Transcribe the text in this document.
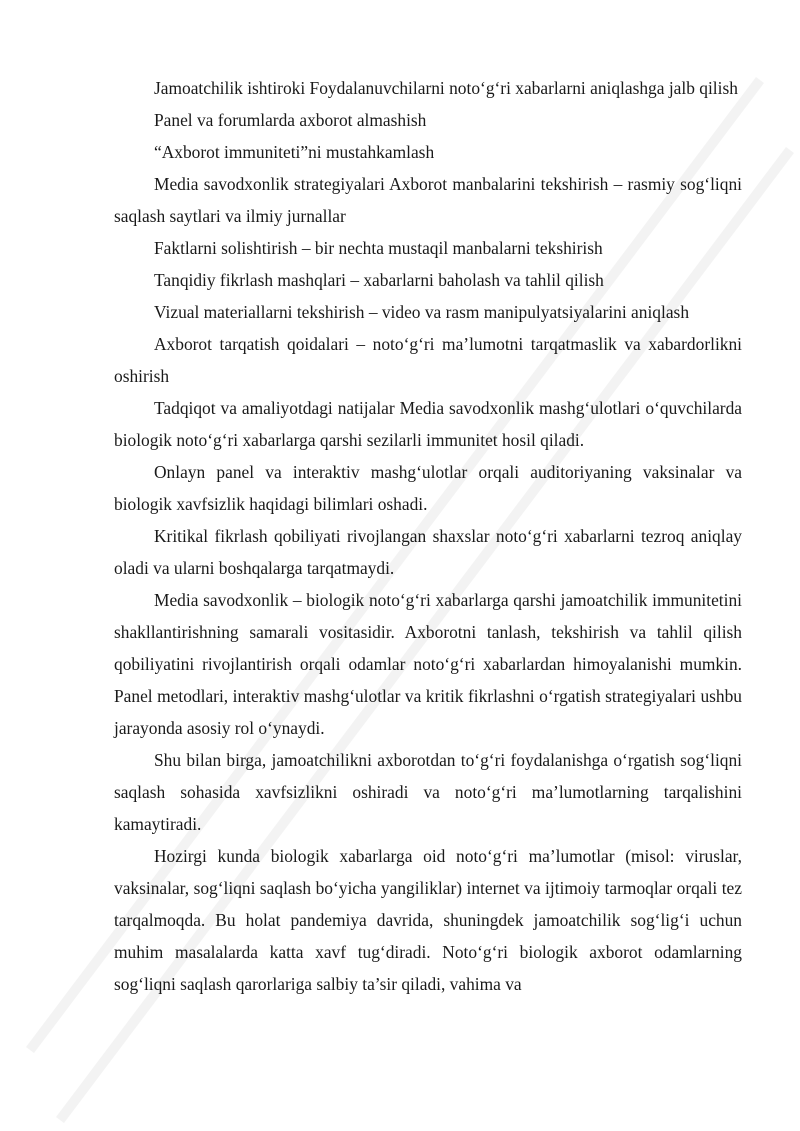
Jamoatchilik ishtiroki Foydalanuvchilarni noto‘g‘ri xabarlarni aniqlashga jalb qilish

Panel va forumlarda axborot almashish

“Axborot immuniteti”ni mustahkamlash

Media savodxonlik strategiyalari Axborot manbalarini tekshirish – rasmiy sog‘liqni saqlash saytlari va ilmiy jurnallar

Faktlarni solishtirish – bir nechta mustaqil manbalarni tekshirish

Tanqidiy fikrlash mashqlari – xabarlarni baholash va tahlil qilish

Vizual materiallarni tekshirish – video va rasm manipulyatsiyalarini aniqlash

Axborot tarqatish qoidalari – noto‘g‘ri ma’lumotni tarqatmaslik va xabardorlikni oshirish

Tadqiqot va amaliyotdagi natijalar Media savodxonlik mashg‘ulotlari o‘quvchilarda biologik noto‘g‘ri xabarlarga qarshi sezilarli immunitet hosil qiladi.

Onlayn panel va interaktiv mashg‘ulotlar orqali auditoriyaning vaksinalar va biologik xavfsizlik haqidagi bilimlari oshadi.

Kritikal fikrlash qobiliyati rivojlangan shaxslar noto‘g‘ri xabarlarni tezroq aniqlay oladi va ularni boshqalarga tarqatmaydi.

Media savodxonlik – biologik noto‘g‘ri xabarlarga qarshi jamoatchilik immunitetini shakllantirishning samarali vositasidir. Axborotni tanlash, tekshirish va tahlil qilish qobiliyatini rivojlantirish orqali odamlar noto‘g‘ri xabarlardan himoyalanishi mumkin. Panel metodlari, interaktiv mashg‘ulotlar va kritik fikrlashni o‘rgatish strategiyalari ushbu jarayonda asosiy rol o‘ynaydi.

Shu bilan birga, jamoatchilikni axborotdan to‘g‘ri foydalanishga o‘rgatish sog‘liqni saqlash sohasida xavfsizlikni oshiradi va noto‘g‘ri ma’lumotlarning tarqalishini kamaytiradi.

Hozirgi kunda biologik xabarlarga oid noto‘g‘ri ma’lumotlar (misol: viruslar, vaksinalar, sog‘liqni saqlash bo‘yicha yangiliklar) internet va ijtimoiy tarmoqlar orqali tez tarqalmoqda. Bu holat pandemiya davrida, shuningdek jamoatchilik sog‘lig‘i uchun muhim masalalarda katta xavf tug‘diradi. Noto‘g‘ri biologik axborot odamlarning sog‘liqni saqlash qarorlariga salbiy ta’sir qiladi, vahima va
